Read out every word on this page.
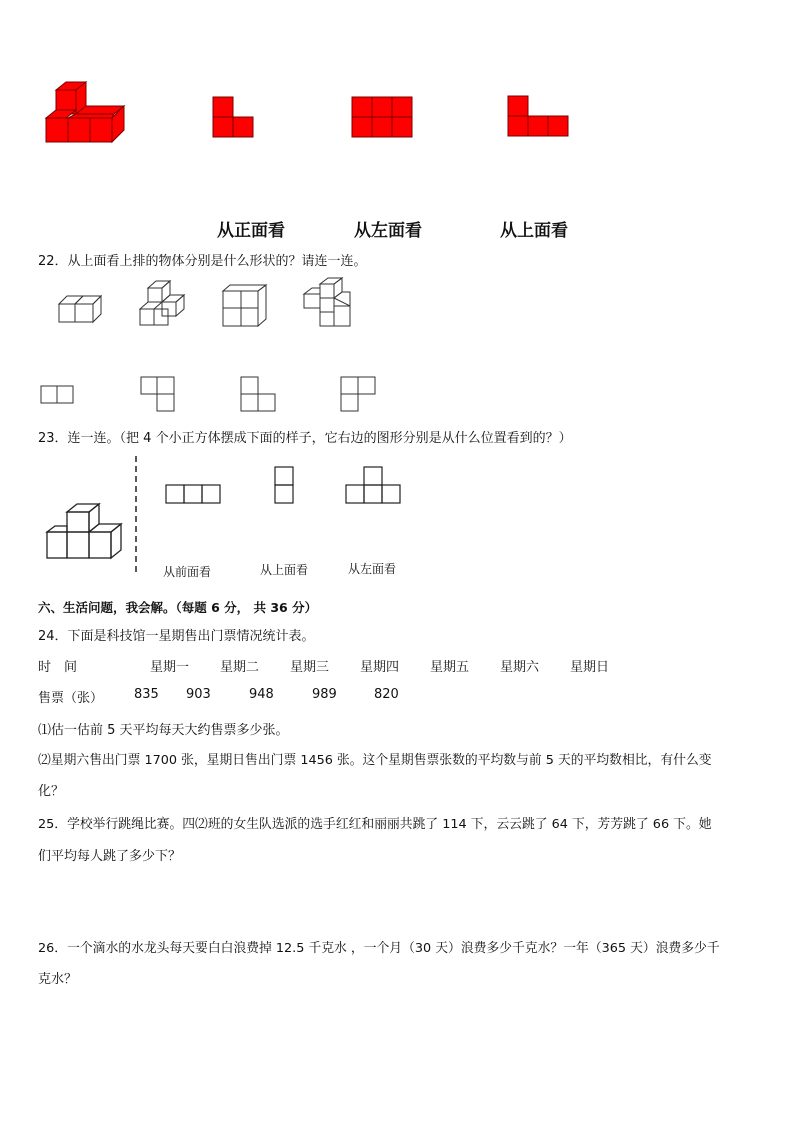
从正面看	从左面看	从上面看
22．从上面看上排的物体分别是什么形状的？请连一连。
23．连一连。（把 4 个小正方体摆成下面的样子，它右边的图形分别是从什么位置看到的？）
从前面看	从上面看	从左面看
六、生活问题，我会解。（每题 6 分， 共 36 分）
24．下面是科技馆一星期售出门票情况统计表。
时　间	星期一 星期二 星期三 星期四 星期五 星期六 星期日
售票（张） 835 903	948	989	820
⑴估一估前 5 天平均每天大约售票多少张。
⑵星期六售出门票 1700 张，星期日售出门票 1456 张。这个星期售票张数的平均数与前 5 天的平均数相比，有什么变
化？
25．学校举行跳绳比赛。四⑵班的女生队选派的选手红红和丽丽共跳了 114 下，云云跳了 64 下，芳芳跳了 66 下。她
们平均每人跳了多少下？
26．一个滴水的水龙头每天要白白浪费掉 12.5 千克水 ，一个月（30 天）浪费多少千克水？一年（365 天）浪费多少千
克水？
